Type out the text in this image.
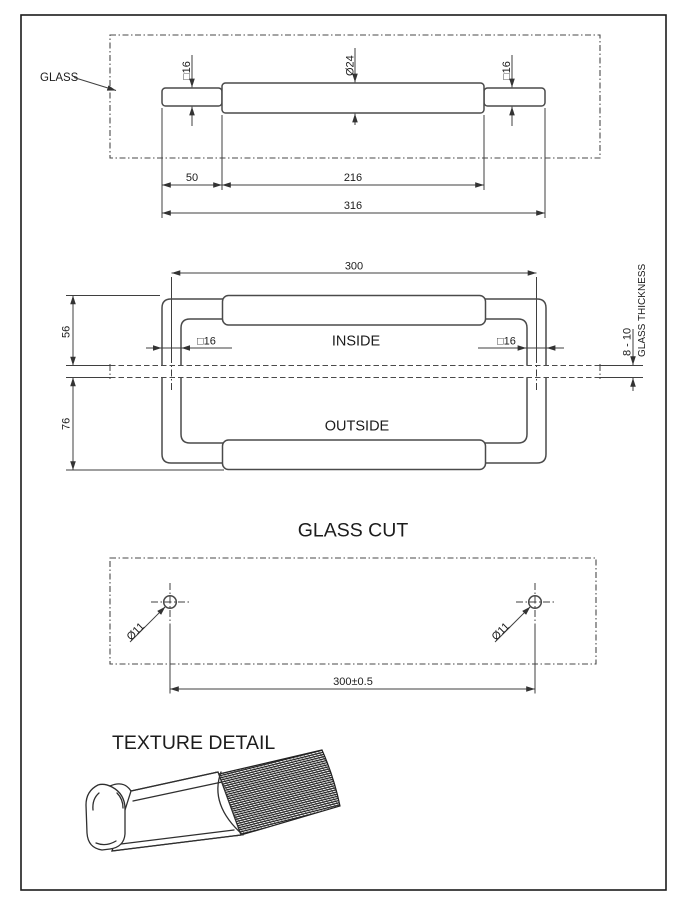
GLASS
50	216
316
□16	Ø24	□16
300
INSIDE
□16	□16
56
76	OUTSIDE
8 - 10 GLASS THICKNESS
GLASS CUT
Ø11	Ø11
300±0.5
TEXTURE DETAIL
